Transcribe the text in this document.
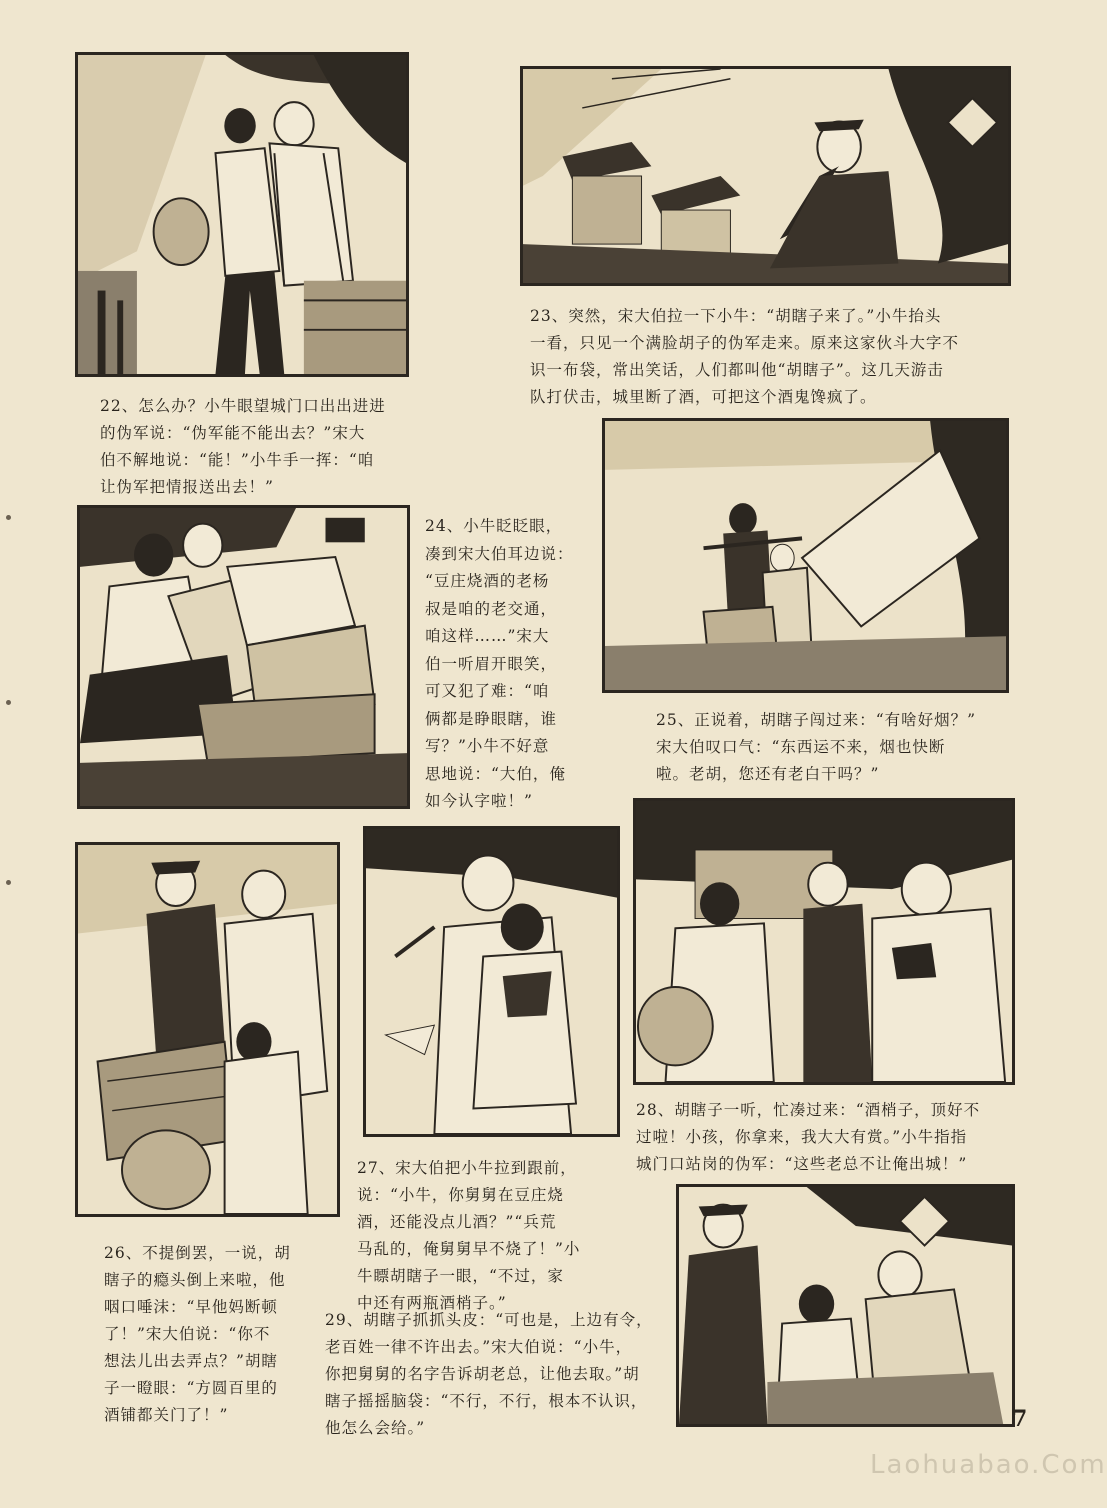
22、怎么办？小牛眼望城门口出出进进
的伪军说：“伪军能不能出去？”宋大
伯不解地说：“能！”小牛手一挥：“咱
让伪军把情报送出去！”

23、突然，宋大伯拉一下小牛：“胡瞎子来了。”小牛抬头
一看，只见一个满脸胡子的伪军走来。原来这家伙斗大字不
识一布袋，常出笑话，人们都叫他“胡瞎子”。这几天游击
队打伏击，城里断了酒，可把这个酒鬼馋疯了。

24、小牛眨眨眼，
凑到宋大伯耳边说：
“豆庄烧酒的老杨
叔是咱的老交通，
咱这样……”宋大
伯一听眉开眼笑，
可又犯了难：“咱
俩都是睁眼瞎，谁
写？”小牛不好意
思地说：“大伯，俺
如今认字啦！”

25、正说着，胡瞎子闯过来：“有啥好烟？”
宋大伯叹口气：“东西运不来，烟也快断
啦。老胡，您还有老白干吗？”

26、不提倒罢，一说，胡
瞎子的瘾头倒上来啦，他
咽口唾沫：“早他妈断顿
了！”宋大伯说：“你不
想法儿出去弄点？”胡瞎
子一瞪眼：“方圆百里的
酒铺都关门了！”

27、宋大伯把小牛拉到跟前，
说：“小牛，你舅舅在豆庄烧
酒，还能没点儿酒？”“兵荒
马乱的，俺舅舅早不烧了！”小
牛瞟胡瞎子一眼，“不过，家
中还有两瓶酒梢子。”

28、胡瞎子一听，忙凑过来：“酒梢子，顶好不
过啦！小孩，你拿来，我大大有赏。”小牛指指
城门口站岗的伪军：“这些老总不让俺出城！”

29、胡瞎子抓抓头皮：“可也是，上边有令，
老百姓一律不许出去。”宋大伯说：“小牛，
你把舅舅的名字告诉胡老总，让他去取。”胡
瞎子摇摇脑袋：“不行，不行，根本不认识，
他怎么会给。”	7
Laohuabao.Com
